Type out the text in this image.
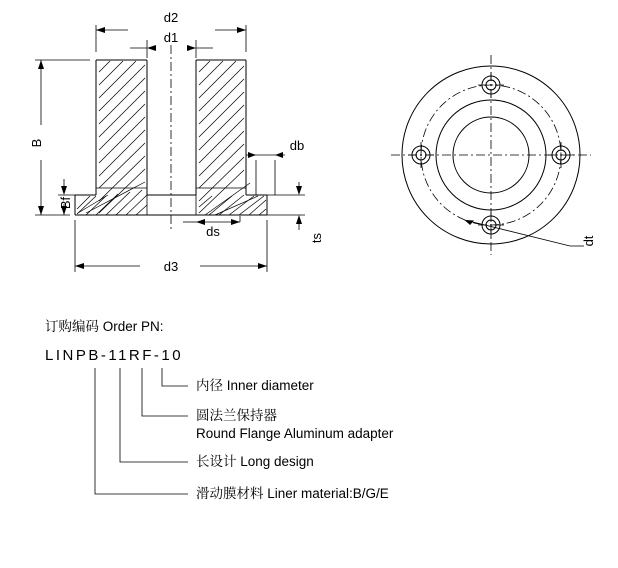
d2
d1
B
Bf
db
ds	ts
d3
dt
订购编码 Order PN:
LINPB-11RF-10
内径 Inner diameter
圆法兰保持器
Round Flange Aluminum adapter
长设计 Long design
滑动膜材料 Liner material:B/G/E
